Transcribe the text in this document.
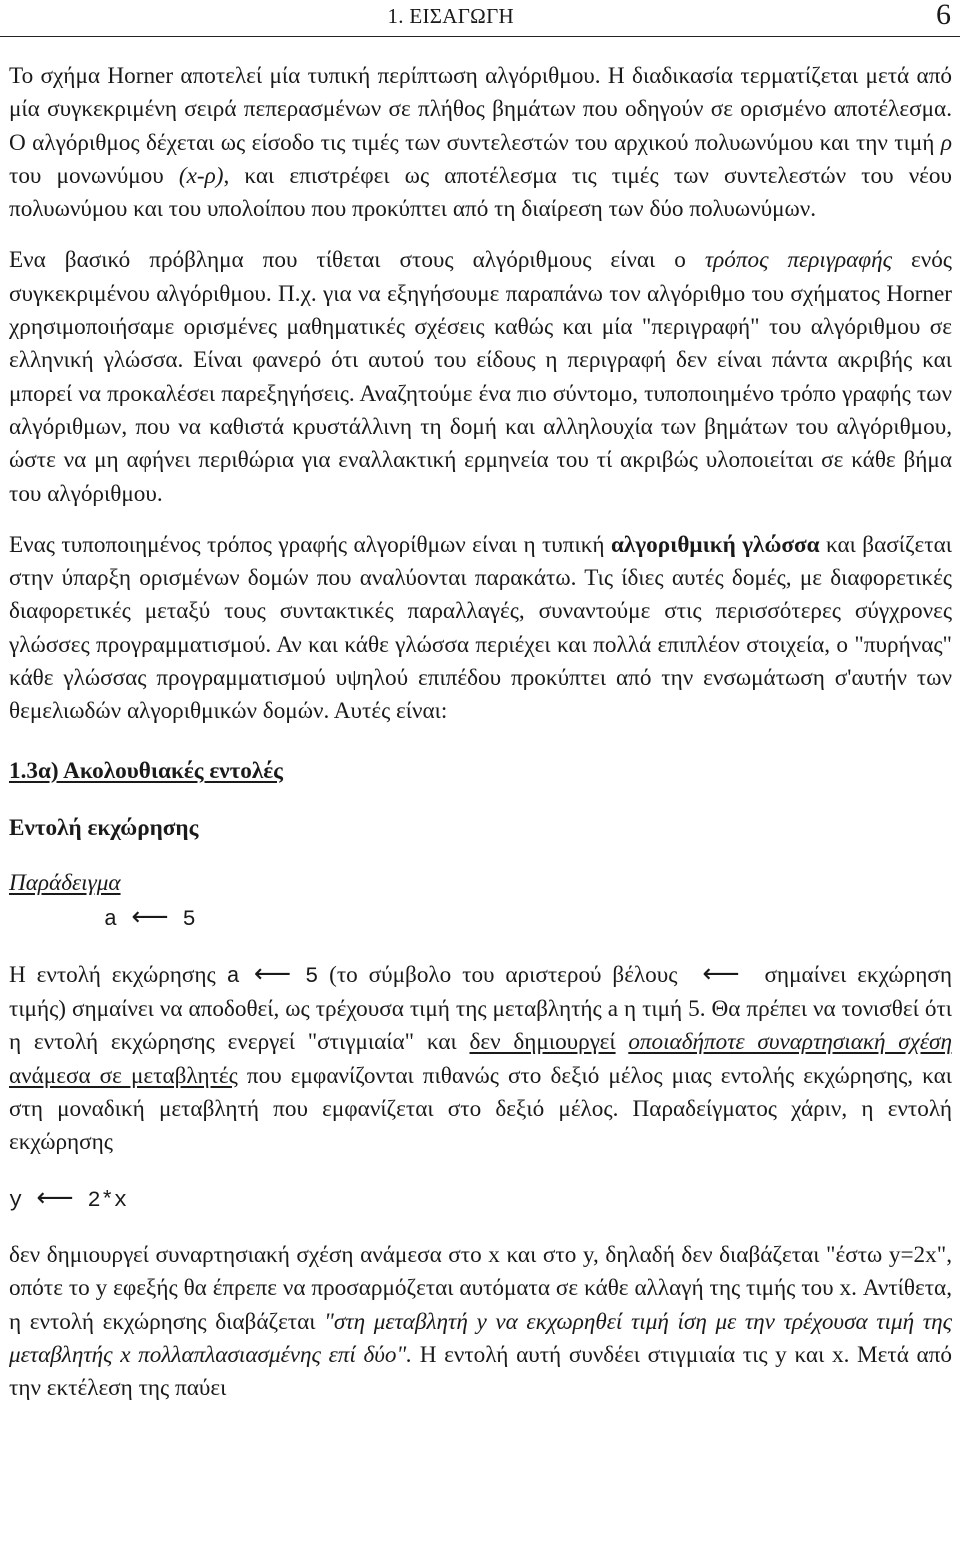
1. ΕΙΣΑΓΩΓΗ	6

Το σχήμα Horner αποτελεί μία τυπική περίπτωση αλγόριθμου. Η διαδικασία τερματίζεται μετά από μία συγκεκριμένη σειρά πεπερασμένων σε πλήθος βημάτων που οδηγούν σε ορισμένο αποτέλεσμα. Ο αλγόριθμος δέχεται ως είσοδο τις τιμές των συντελεστών του αρχικού πολυωνύμου και την τιμή ρ του μονωνύμου (x-ρ), και επιστρέφει ως αποτέλεσμα τις τιμές των συντελεστών του νέου πολυωνύμου και του υπολοίπου που προκύπτει από τη διαίρεση των δύο πολυωνύμων.

Ενα βασικό πρόβλημα που τίθεται στους αλγόριθμους είναι ο τρόπος περιγραφής ενός συγκεκριμένου αλγόριθμου. Π.χ. για να εξηγήσουμε παραπάνω τον αλγόριθμο του σχήματος Horner χρησιμοποιήσαμε ορισμένες μαθηματικές σχέσεις καθώς και μία "περιγραφή" του αλγόριθμου σε ελληνική γλώσσα. Είναι φανερό ότι αυτού του είδους η περιγραφή δεν είναι πάντα ακριβής και μπορεί να προκαλέσει παρεξηγήσεις. Αναζητούμε ένα πιο σύντομο, τυποποιημένο τρόπο γραφής των αλγόριθμων, που να καθιστά κρυστάλλινη τη δομή και αλληλουχία των βημάτων του αλγόριθμου, ώστε να μη αφήνει περιθώρια για εναλλακτική ερμηνεία του τί ακριβώς υλοποιείται σε κάθε βήμα του αλγόριθμου.

Ενας τυποποιημένος τρόπος γραφής αλγορίθμων είναι η τυπική αλγοριθμική γλώσσα και βασίζεται στην ύπαρξη ορισμένων δομών που αναλύονται παρακάτω. Τις ίδιες αυτές δομές, με διαφορετικές διαφορετικές μεταξύ τους συντακτικές παραλλαγές, συναντούμε στις περισσότερες σύγχρονες γλώσσες προγραμματισμού. Αν και κάθε γλώσσα περιέχει και πολλά επιπλέον στοιχεία, ο "πυρήνας" κάθε γλώσσας προγραμματισμού υψηλού επιπέδου προκύπτει από την ενσωμάτωση σ'αυτήν των θεμελιωδών αλγοριθμικών δομών. Αυτές είναι:

1.3α) Ακολουθιακές εντολές
Εντολή εκχώρησης

Παράδειγμα

a ⟵ 5

Η εντολή εκχώρησης a ⟵ 5 (το σύμβολο του αριστερού βέλους ⟵ σημαίνει εκχώρηση τιμής) σημαίνει να αποδοθεί, ως τρέχουσα τιμή της μεταβλητής a η τιμή 5. Θα πρέπει να τονισθεί ότι η εντολή εκχώρησης ενεργεί "στιγμιαία" και δεν δημιουργεί οποιαδήποτε συναρτησιακή σχέση ανάμεσα σε μεταβλητές που εμφανίζονται πιθανώς στο δεξιό μέλος μιας εντολής εκχώρησης, και στη μοναδική μεταβλητή που εμφανίζεται στο δεξιό μέλος. Παραδείγματος χάριν, η εντολή εκχώρησης

y ⟵ 2*x

δεν δημιουργεί συναρτησιακή σχέση ανάμεσα στο x και στο y, δηλαδή δεν διαβάζεται "έστω y=2x", οπότε το y εφεξής θα έπρεπε να προσαρμόζεται αυτόματα σε κάθε αλλαγή της τιμής του x. Αντίθετα, η εντολή εκχώρησης διαβάζεται "στη μεταβλητή y να εκχωρηθεί τιμή ίση με την τρέχουσα τιμή της μεταβλητής x πολλαπλασιασμένης επί δύο". Η εντολή αυτή συνδέει στιγμιαία τις y και x. Μετά από την εκτέλεση της παύει
